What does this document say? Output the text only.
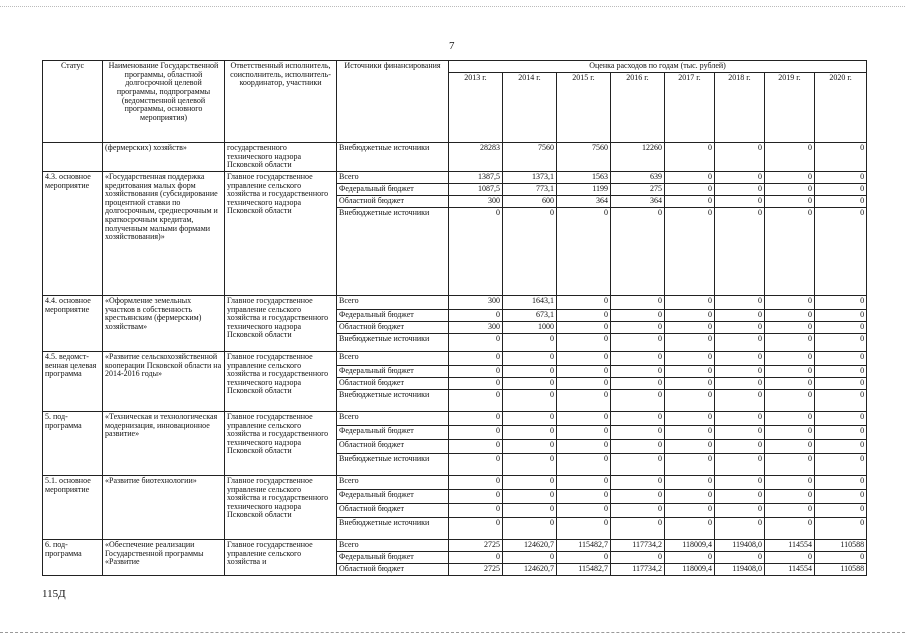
7
Статус	Наименование Государственной программы, областной долгосрочной целевой программы, подпрограммы (ведомственной целевой программы, основного мероприятия)	Ответственный исполнитель, соисполнитель, исполнитель-координатор, участники	Источники финансирования	Оценка расходов по годам (тыс. рублей)							
				2013 г.	2014 г.	2015 г.	2016 г.	2017 г.	2018 г.	2019 г.	2020 г.
	(фермерских) хозяйств»	государственного технического надзора Псковской области	Внебюджетные источники	28283	7560	7560	12260	0	0	0	0
4.3. основное мероприятие	«Государственная поддержка кредитования малых форм хозяйствования (субсидирование процентной ставки по долгосрочным, среднесрочным и краткосрочным кредитам, полученным малыми формами хозяйствования)»	Главное государственное управление сельского хозяйства и государственного технического надзора Псковской области	Всего	1387,5	1373,1	1563	639	0	0	0	0
			Федеральный бюджет	1087,5	773,1	1199	275	0	0	0	0
			Областной бюджет	300	600	364	364	0	0	0	0
			Внебюджетные источники	0	0	0	0	0	0	0	0
4.4. основное мероприятие	«Оформление земельных участков в собственность крестьянским (фермерским) хозяйствам»	Главное государственное управление сельского хозяйства и государственного технического надзора Псковской области	Всего	300	1643,1	0	0	0	0	0	0
			Федеральный бюджет	0	673,1	0	0	0	0	0	0
			Областной бюджет	300	1000	0	0	0	0	0	0
			Внебюджетные источники	0	0	0	0	0	0	0	0
4.5. ведомст-венная целевая программа	«Развитие сельскохозяйственной кооперации Псковской области на 2014-2016 годы»	Главное государственное управление сельского хозяйства и государственного технического надзора Псковской области	Всего	0	0	0	0	0	0	0	0
			Федеральный бюджет	0	0	0	0	0	0	0	0
			Областной бюджет	0	0	0	0	0	0	0	0
			Внебюджетные источники	0	0	0	0	0	0	0	0
5. под-программа	«Техническая и технологическая модернизация, инновационное развитие»	Главное государственное управление сельского хозяйства и государственного технического надзора Псковской области	Всего	0	0	0	0	0	0	0	0
			Федеральный бюджет	0	0	0	0	0	0	0	0
			Областной бюджет	0	0	0	0	0	0	0	0
			Внебюджетные источники	0	0	0	0	0	0	0	0
5.1. основное мероприятие	«Развитие биотехнологии»	Главное государственное управление сельского хозяйства и государственного технического надзора Псковской области	Всего	0	0	0	0	0	0	0	0
			Федеральный бюджет	0	0	0	0	0	0	0	0
			Областной бюджет	0	0	0	0	0	0	0	0
			Внебюджетные источники	0	0	0	0	0	0	0	0
6. под-программа	«Обеспечение реализации Государственной программы «Развитие	Главное государственное управление сельского хозяйства и	Всего	2725	124620,7	115482,7	117734,2	118009,4	119408,0	114554	110588
			Федеральный бюджет	0	0	0	0	0	0	0	0
			Областной бюджет	2725	124620,7	115482,7	117734,2	118009,4	119408,0	114554	110588
115Д
